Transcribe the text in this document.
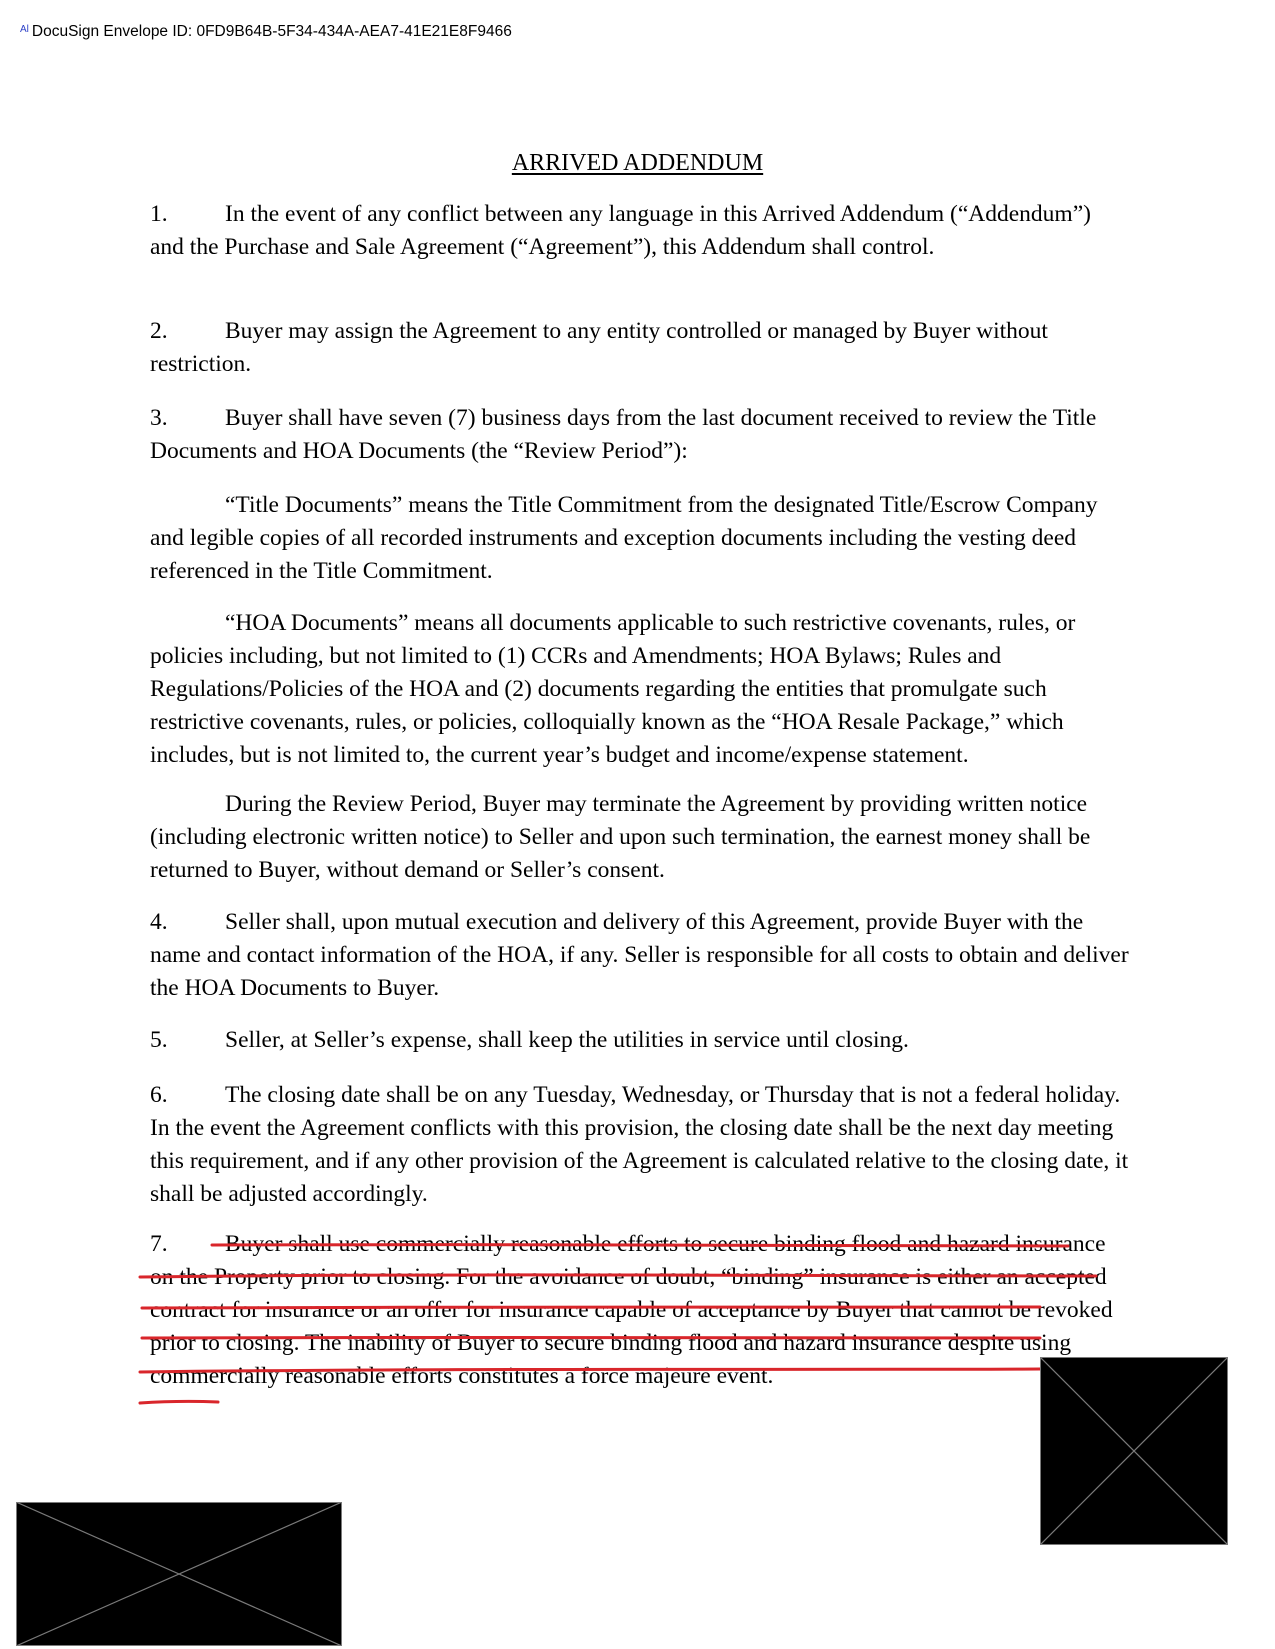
$^{Al}$ DocuSign Envelope ID: 0FD9B64B-5F34-434A-AEA7-41E21E8F9466
ARRIVED ADDENDUM

1. In the event of any conflict between any language in this Arrived Addendum (“Addendum”) and the Purchase and Sale Agreement (“Agreement”), this Addendum shall control.

2. Buyer may assign the Agreement to any entity controlled or managed by Buyer without restriction.

3. Buyer shall have seven (7) business days from the last document received to review the Title Documents and HOA Documents (the “Review Period”):

“Title Documents” means the Title Commitment from the designated Title/Escrow Company and legible copies of all recorded instruments and exception documents including the vesting deed referenced in the Title Commitment.

“HOA Documents” means all documents applicable to such restrictive covenants, rules, or policies including, but not limited to (1) CCRs and Amendments; HOA Bylaws; Rules and Regulations/Policies of the HOA and (2) documents regarding the entities that promulgate such restrictive covenants, rules, or policies, colloquially known as the “HOA Resale Package,” which includes, but is not limited to, the current year’s budget and income/expense statement.

During the Review Period, Buyer may terminate the Agreement by providing written notice (including electronic written notice) to Seller and upon such termination, the earnest money shall be returned to Buyer, without demand or Seller’s consent.

4. Seller shall, upon mutual execution and delivery of this Agreement, provide Buyer with the name and contact information of the HOA, if any. Seller is responsible for all costs to obtain and deliver the HOA Documents to Buyer.

5. Seller, at Seller’s expense, shall keep the utilities in service until closing.

6. The closing date shall be on any Tuesday, Wednesday, or Thursday that is not a federal holiday. In the event the Agreement conflicts with this provision, the closing date shall be the next day meeting this requirement, and if any other provision of the Agreement is calculated relative to the closing date, it shall be adjusted accordingly.

7. Buyer shall use commercially reasonable efforts to secure binding flood and hazard insurance on the Property prior to closing. For the avoidance of doubt, “binding” insurance is either an accepted contract for insurance or an offer for insurance capable of acceptance by Buyer that cannot be revoked prior to closing. The inability of Buyer to secure binding flood and hazard insurance despite using commercially reasonable efforts constitutes a force majeure event.
